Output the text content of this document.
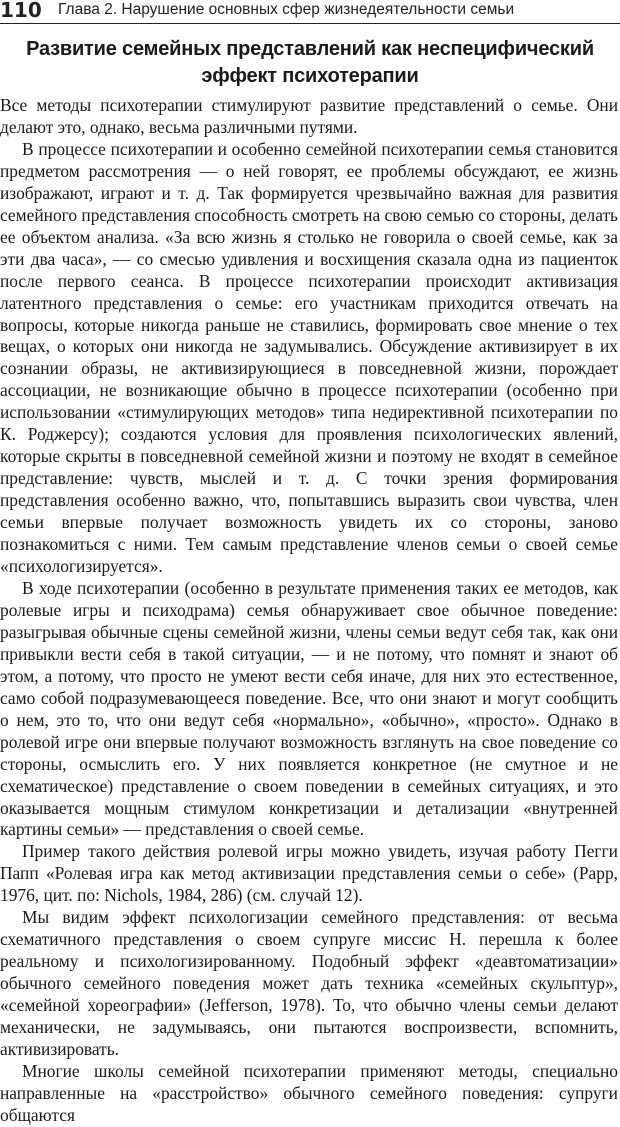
110 Глава 2. Нарушение основных сфер жизнедеятельности семьи
Развитие семейных представлений как неспецифический
эффект психотерапии

Все методы психотерапии стимулируют развитие представлений о семье. Они делают это, однако, весьма различными путями.

В процессе психотерапии и особенно семейной психотерапии семья становится предметом рассмотрения — о ней говорят, ее проблемы обсуждают, ее жизнь изображают, играют и т. д. Так формируется чрезвычайно важная для развития семейного представления способность смотреть на свою семью со стороны, делать ее объектом анализа. «За всю жизнь я столько не говорила о своей семье, как за эти два часа», — со смесью удивления и восхищения сказала одна из пациенток после первого сеанса. В процессе психотерапии происходит активизация латентного представления о семье: его участникам приходится отвечать на вопросы, которые никогда раньше не ставились, формировать свое мнение о тех вещах, о которых они никогда не задумывались. Обсуждение активизирует в их сознании образы, не активизирующиеся в повседневной жизни, порождает ассоциации, не возникающие обычно в процессе психотерапии (особенно при использовании «стимулирующих методов» типа недирективной психотерапии по К. Роджерсу); создаются условия для проявления психологических явлений, которые скрыты в повседневной семейной жизни и поэтому не входят в семейное представление: чувств, мыслей и т. д. С точки зрения формирования представления особенно важно, что, попытавшись выразить свои чувства, член семьи впервые получает возможность увидеть их со стороны, заново познакомиться с ними. Тем самым представление членов семьи о своей семье «психологизируется».

В ходе психотерапии (особенно в результате применения таких ее методов, как ролевые игры и психодрама) семья обнаруживает свое обычное поведение: разыгрывая обычные сцены семейной жизни, члены семьи ведут себя так, как они привыкли вести себя в такой ситуации, — и не потому, что помнят и знают об этом, а потому, что просто не умеют вести себя иначе, для них это естественное, само собой подразумевающееся поведение. Все, что они знают и могут сообщить о нем, это то, что они ведут себя «нормально», «обычно», «просто». Однако в ролевой игре они впервые получают возможность взглянуть на свое поведение со стороны, осмыслить его. У них появляется конкретное (не смутное и не схематическое) представление о своем поведении в семейных ситуациях, и это оказывается мощным стимулом конкретизации и детализации «внутренней картины семьи» — представления о своей семье.

Пример такого действия ролевой игры можно увидеть, изучая работу Пегги Папп «Ролевая игра как метод активизации представления семьи о себе» (Papp, 1976, цит. по: Nichols, 1984, 286) (см. случай 12).

Мы видим эффект психологизации семейного представления: от весьма схематичного представления о своем супруге миссис Н. перешла к более реальному и психологизированному. Подобный эффект «деавтоматизации» обычного семейного поведения может дать техника «семейных скульптур», «семейной хореографии» (Jefferson, 1978). То, что обычно члены семьи делают механически, не задумываясь, они пытаются воспроизвести, вспомнить, активизировать.

Многие школы семейной психотерапии применяют методы, специально направленные на «расстройство» обычного семейного поведения: супруги общаются
